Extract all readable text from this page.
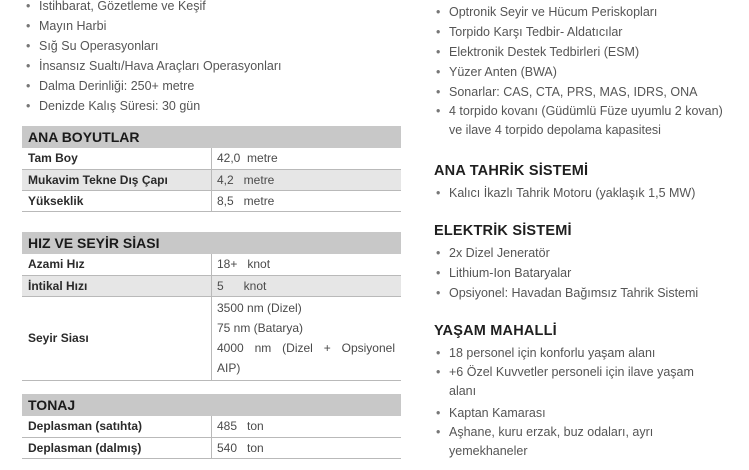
• İstihbarat, Gözetleme ve Keşif
• Mayın Harbi
• Sığ Su Operasyonları
• İnsansız Sualtı/Hava Araçları Operasyonları
• Dalma Derinliği: 250+ metre
• Denizde Kalış Süresi: 30 gün
ANA BOYUTLAR
Tam Boy	42,0  metre
Mukavim Tekne Dış Çapı	4,2   metre
Yükseklik	8,5   metre
HIZ VE SEYİR SİASI
Azami Hız	18+   knot
İntikal Hızı	5      knot
Seyir Siası	3500 nm (Dizel)
75 nm (Batarya)
4000 nm (Dizel + Opsiyonel
AIP)
TONAJ
Deplasman (satıhta)	485   ton
Deplasman (dalmış)	540   ton
• Optronik Seyir ve Hücum Periskopları
• Torpido Karşı Tedbir- Aldatıcılar
• Elektronik Destek Tedbirleri (ESM)
• Yüzer Anten (BWA)
• Sonarlar: CAS, CTA, PRS, MAS, IDRS, ONA
• 4 torpido kovanı (Güdümlü Füze uyumlu 2 kovan) ve ilave 4 torpido depolama kapasitesi
ANA TAHRİK SİSTEMİ
• Kalıcı İkazlı Tahrik Motoru (yaklaşık 1,5 MW)
ELEKTRİK SİSTEMİ
• 2x Dizel Jeneratör
• Lithium-Ion Bataryalar
• Opsiyonel: Havadan Bağımsız Tahrik Sistemi
YAŞAM MAHALLİ
• 18 personel için konforlu yaşam alanı
• +6 Özel Kuvvetler personeli için ilave yaşam alanı
• Kaptan Kamarası
• Aşhane, kuru erzak, buz odaları, ayrı yemekhaneler
